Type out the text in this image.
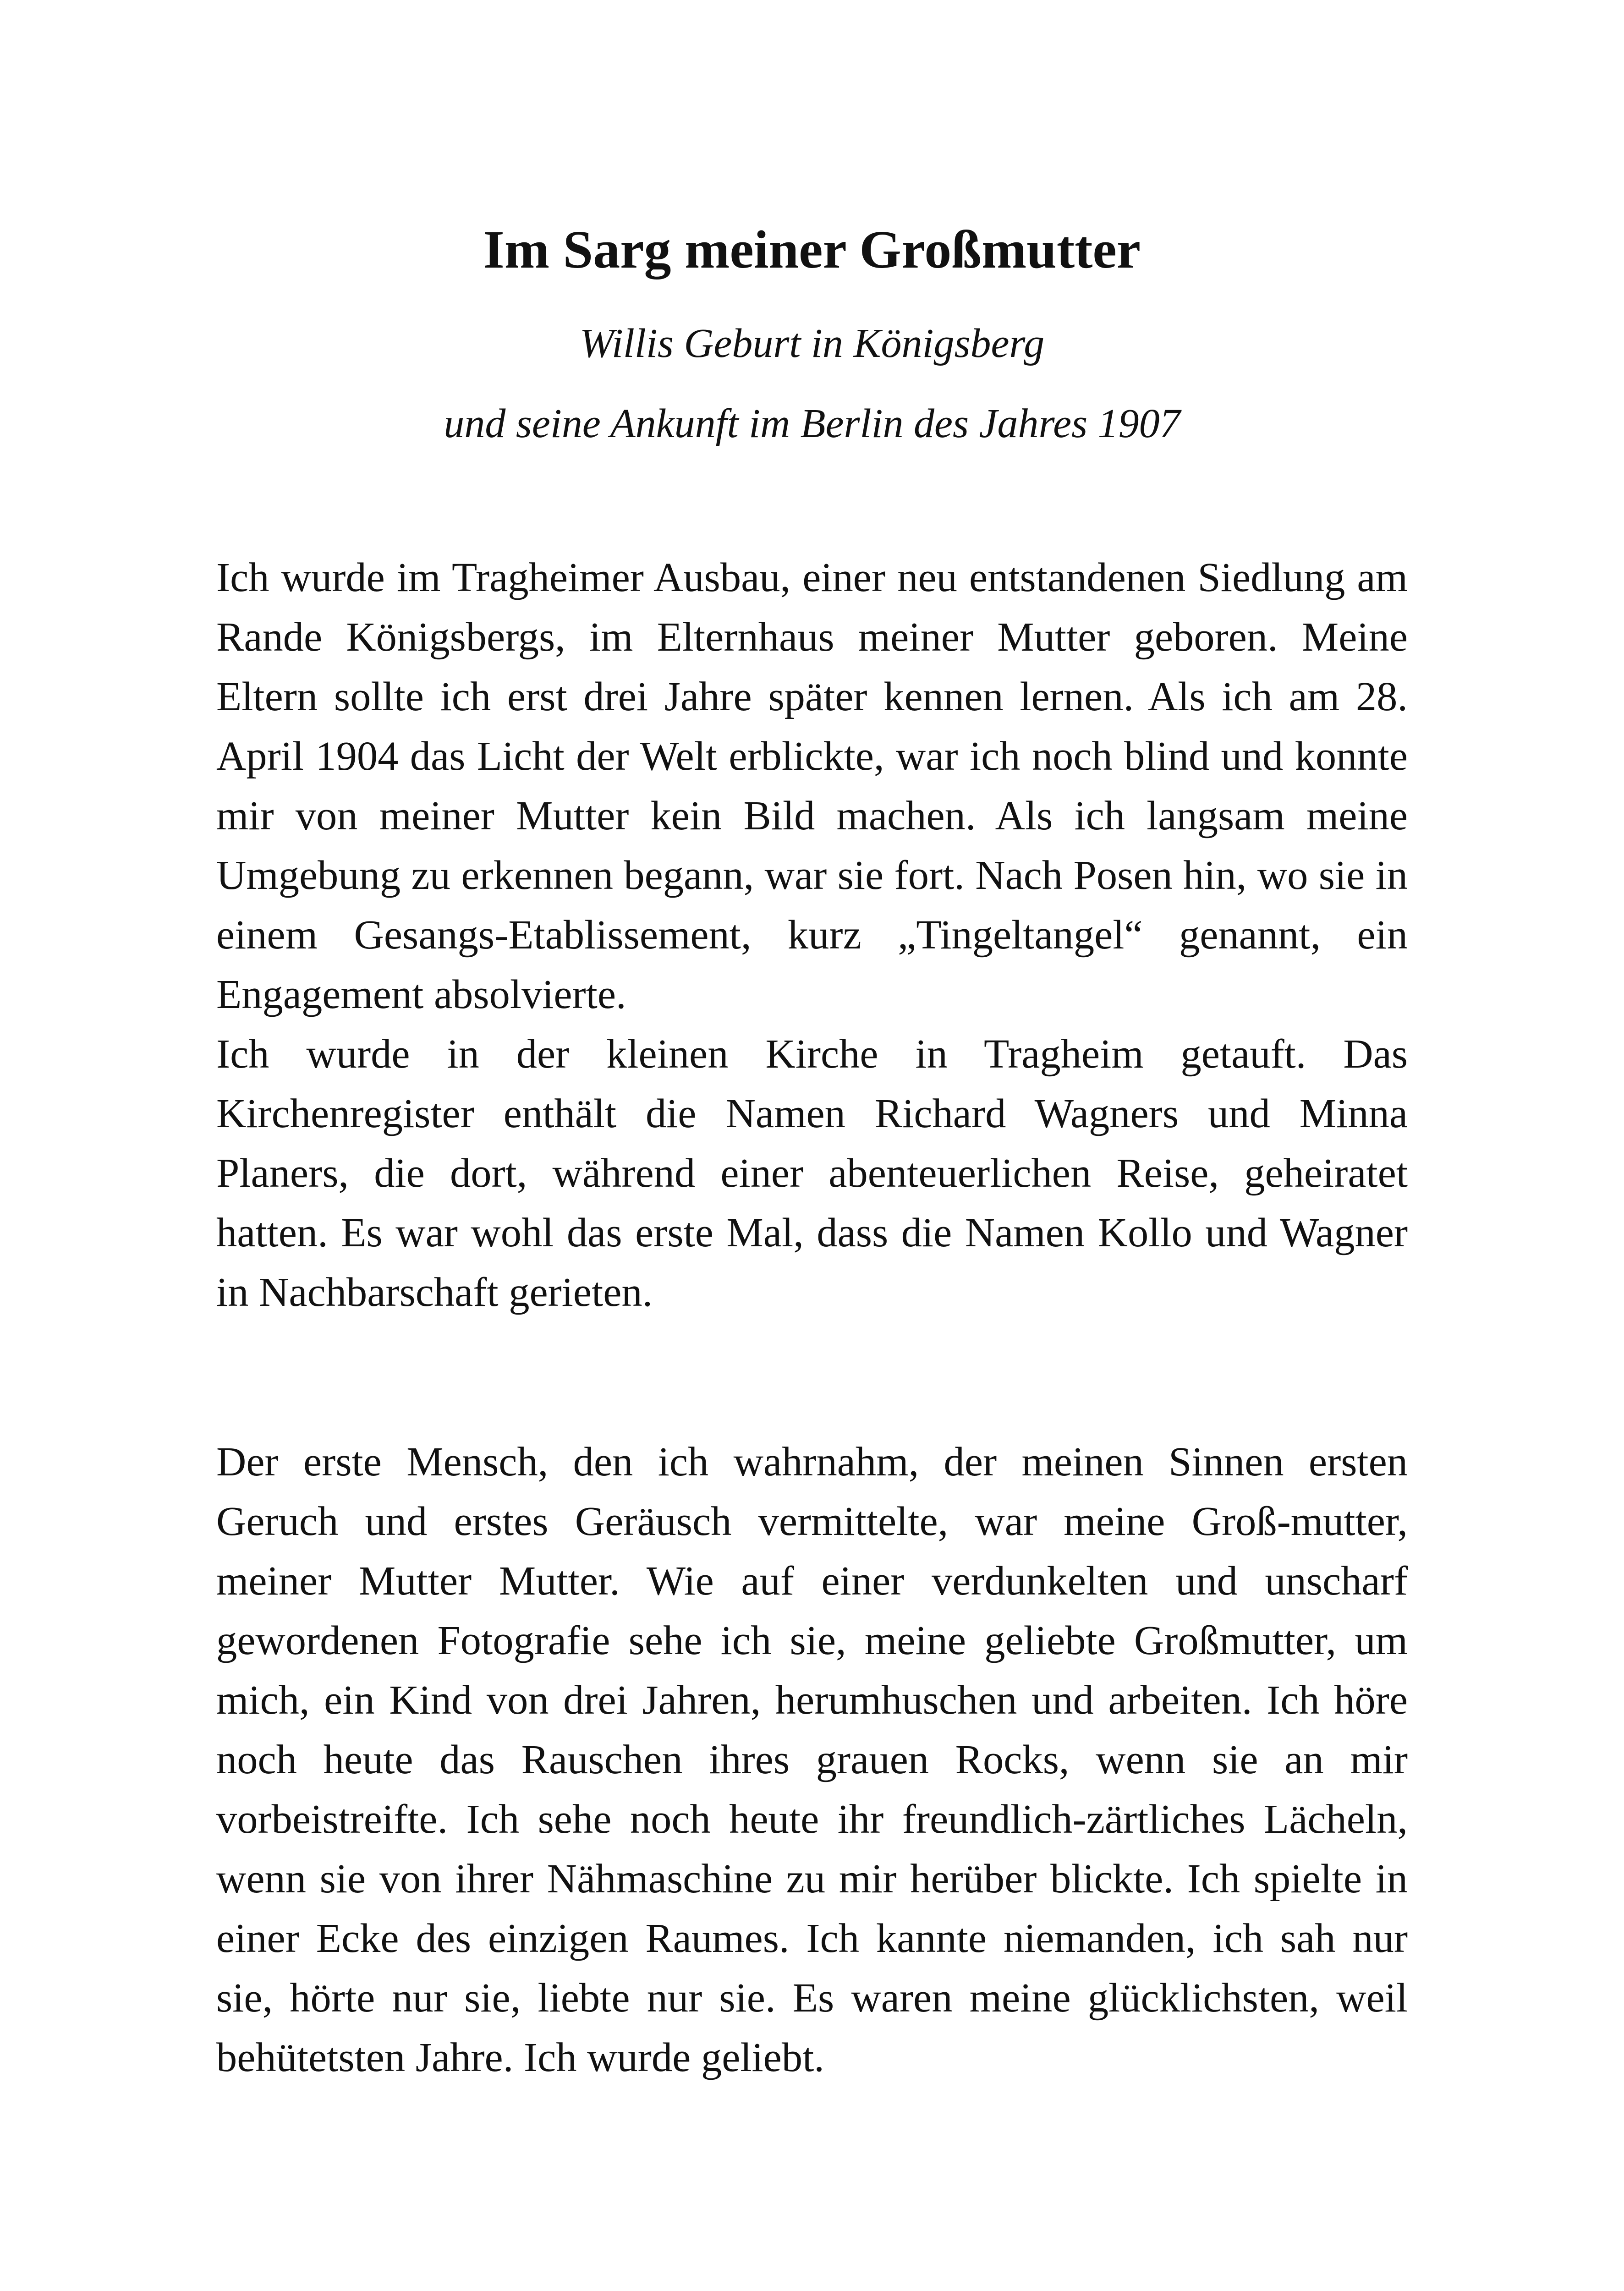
Im Sarg meiner Großmutter

Willis Geburt in Königsberg

und seine Ankunft im Berlin des Jahres 1907

Ich wurde im Tragheimer Ausbau, einer neu entstandenen Siedlung am Rande Königsbergs, im Elternhaus meiner Mutter geboren. Meine Eltern sollte ich erst drei Jahre später kennen lernen. Als ich am 28. April 1904 das Licht der Welt erblickte, war ich noch blind und konnte mir von meiner Mutter kein Bild machen. Als ich langsam meine Umgebung zu erkennen begann, war sie fort. Nach Posen hin, wo sie in einem Gesangs-Etablissement, kurz „Tingeltangel“ genannt, ein Engagement absolvierte.

Ich wurde in der kleinen Kirche in Tragheim getauft. Das Kirchenregister enthält die Namen Richard Wagners und Minna Planers, die dort, während einer abenteuerlichen Reise, geheiratet hatten. Es war wohl das erste Mal, dass die Namen Kollo und Wagner in Nachbarschaft gerieten.

Der erste Mensch, den ich wahrnahm, der meinen Sinnen ersten Geruch und erstes Geräusch vermittelte, war meine Groß-mutter, meiner Mutter Mutter. Wie auf einer verdunkelten und unscharf gewordenen Fotografie sehe ich sie, meine geliebte Großmutter, um mich, ein Kind von drei Jahren, herumhuschen und arbeiten. Ich höre noch heute das Rauschen ihres grauen Rocks, wenn sie an mir vorbeistreifte. Ich sehe noch heute ihr freundlich-zärtliches Lächeln, wenn sie von ihrer Nähmaschine zu mir herüber blickte. Ich spielte in einer Ecke des einzigen Raumes. Ich kannte niemanden, ich sah nur sie, hörte nur sie, liebte nur sie. Es waren meine glücklichsten, weil behütetsten Jahre. Ich wurde geliebt.
